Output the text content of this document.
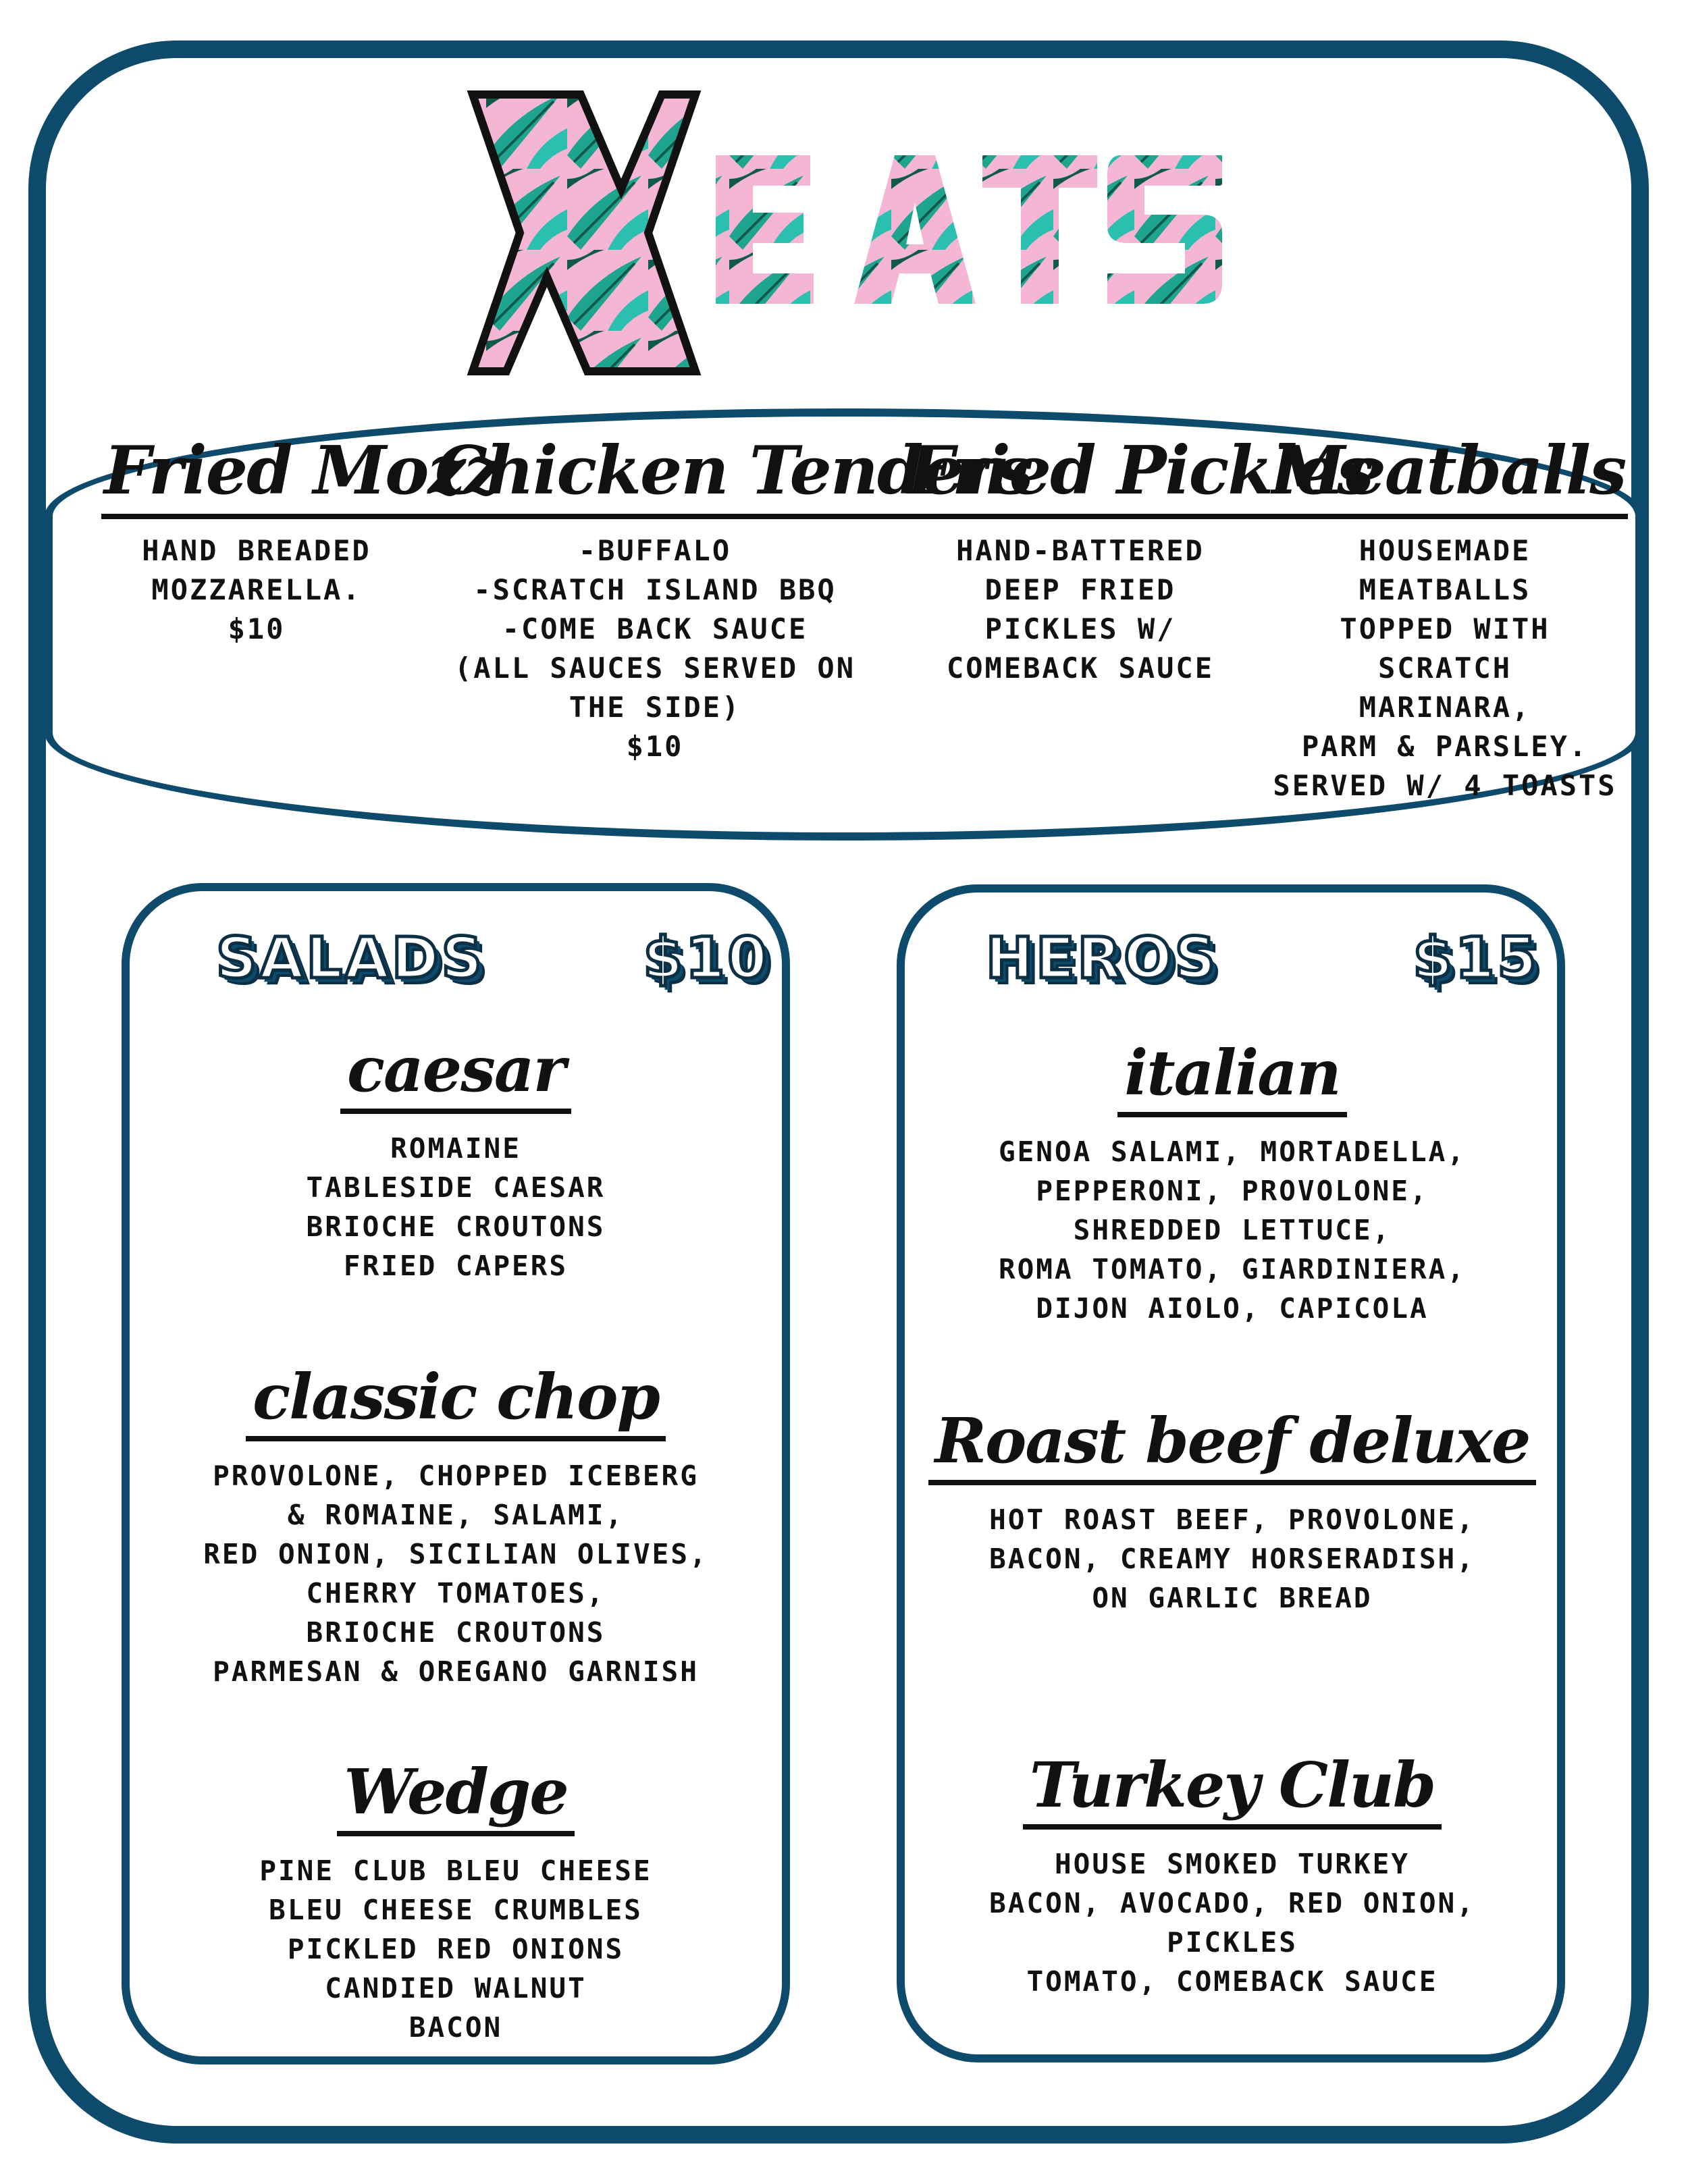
EATS
Fried Mozz
HAND BREADED
MOZZARELLA.
$10
Chicken Tenders
-BUFFALO
-SCRATCH ISLAND BBQ
-COME BACK SAUCE
(ALL SAUCES SERVED ON
THE SIDE)
$10
Fried Pickles
HAND-BATTERED
DEEP FRIED
PICKLES W/
COMEBACK SAUCE
Meatballs
HOUSEMADE
MEATBALLS
TOPPED WITH
SCRATCH
MARINARA,
PARM & PARSLEY.
SERVED W/ 4 TOASTS
SALADS	$10
caesar
ROMAINE
TABLESIDE CAESAR
BRIOCHE CROUTONS
FRIED CAPERS
classic chop
PROVOLONE, CHOPPED ICEBERG
& ROMAINE, SALAMI,
RED ONION, SICILIAN OLIVES,
CHERRY TOMATOES,
BRIOCHE CROUTONS
PARMESAN & OREGANO GARNISH
Wedge
PINE CLUB BLEU CHEESE
BLEU CHEESE CRUMBLES
PICKLED RED ONIONS
CANDIED WALNUT
BACON
HEROS	$15
italian
GENOA SALAMI, MORTADELLA,
PEPPERONI, PROVOLONE,
SHREDDED LETTUCE,
ROMA TOMATO, GIARDINIERA,
DIJON AIOLO, CAPICOLA
Roast beef deluxe
HOT ROAST BEEF, PROVOLONE,
BACON, CREAMY HORSERADISH,
ON GARLIC BREAD
Turkey Club
HOUSE SMOKED TURKEY
BACON, AVOCADO, RED ONION, PICKLES
TOMATO, COMEBACK SAUCE
